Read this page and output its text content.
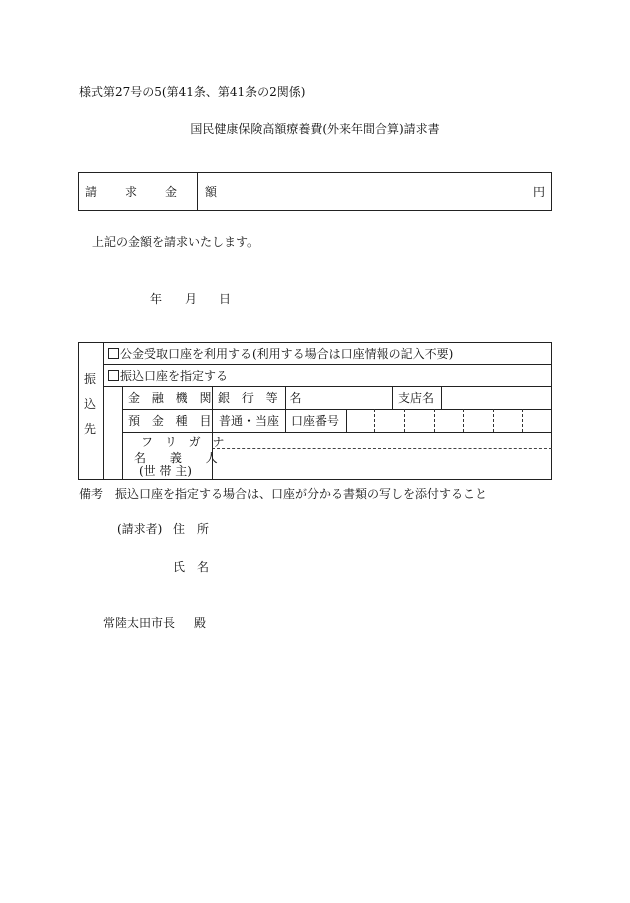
様式第27号の5(第41条、第41条の2関係)
国民健康保険高額療養費(外来年間合算)請求書
請　求　金　額	円
上記の金額を請求いたします。
年 月 日
振
込
先
公金受取口座を利用する(利用する場合は口座情報の記入不要)
振込口座を指定する
金 融 機 関 銀 行 等 名	支店名
預 金 種 目 普通・当座 口座番号
フ リ ガ ナ
名 義 人
(世 帯 主)
備考 振込口座を指定する場合は、口座が分かる書類の写しを添付すること
(請求者) 住　所
氏　名
常陸太田市長 殿
